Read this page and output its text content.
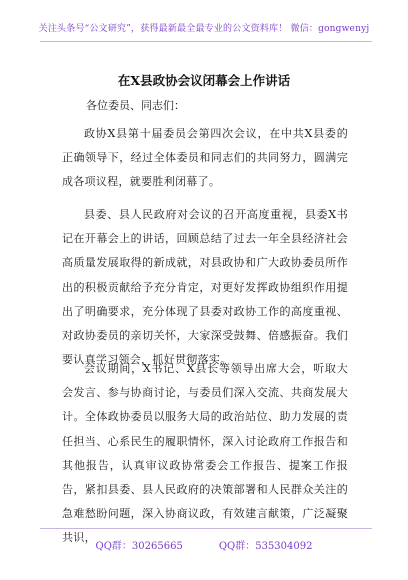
关注头条号“公文研究”，获得最新最全最专业的公文资料库！ 微信：gongwenyj
在X县政协会议闭幕会上作讲话
各位委员、同志们：

政协X县第十届委员会第四次会议，在中共X县委的正确领导下，经过全体委员和同志们的共同努力，圆满完成各项议程，就要胜利闭幕了。

县委、县人民政府对会议的召开高度重视，县委X书记在开幕会上的讲话，回顾总结了过去一年全县经济社会高质量发展取得的新成就，对县政协和广大政协委员所作出的积极贡献给予充分肯定，对更好发挥政协组织作用提出了明确要求，充分体现了县委对政协工作的高度重视、对政协委员的亲切关怀，大家深受鼓舞、倍感振奋。我们要认真学习领会，抓好贯彻落实。

会议期间，X书记、X县长等领导出席大会，听取大会发言、参与协商讨论，与委员们深入交流、共商发展大计。全体政协委员以服务大局的政治站位、助力发展的责任担当、心系民生的履职情怀，深入讨论政府工作报告和其他报告，认真审议政协常委会工作报告、提案工作报告，紧扣县委、县人民政府的决策部署和人民群众关注的急难愁盼问题，深入协商议政，有效建言献策，广泛凝聚共识，

QQ群：30265665	QQ群：535304092
